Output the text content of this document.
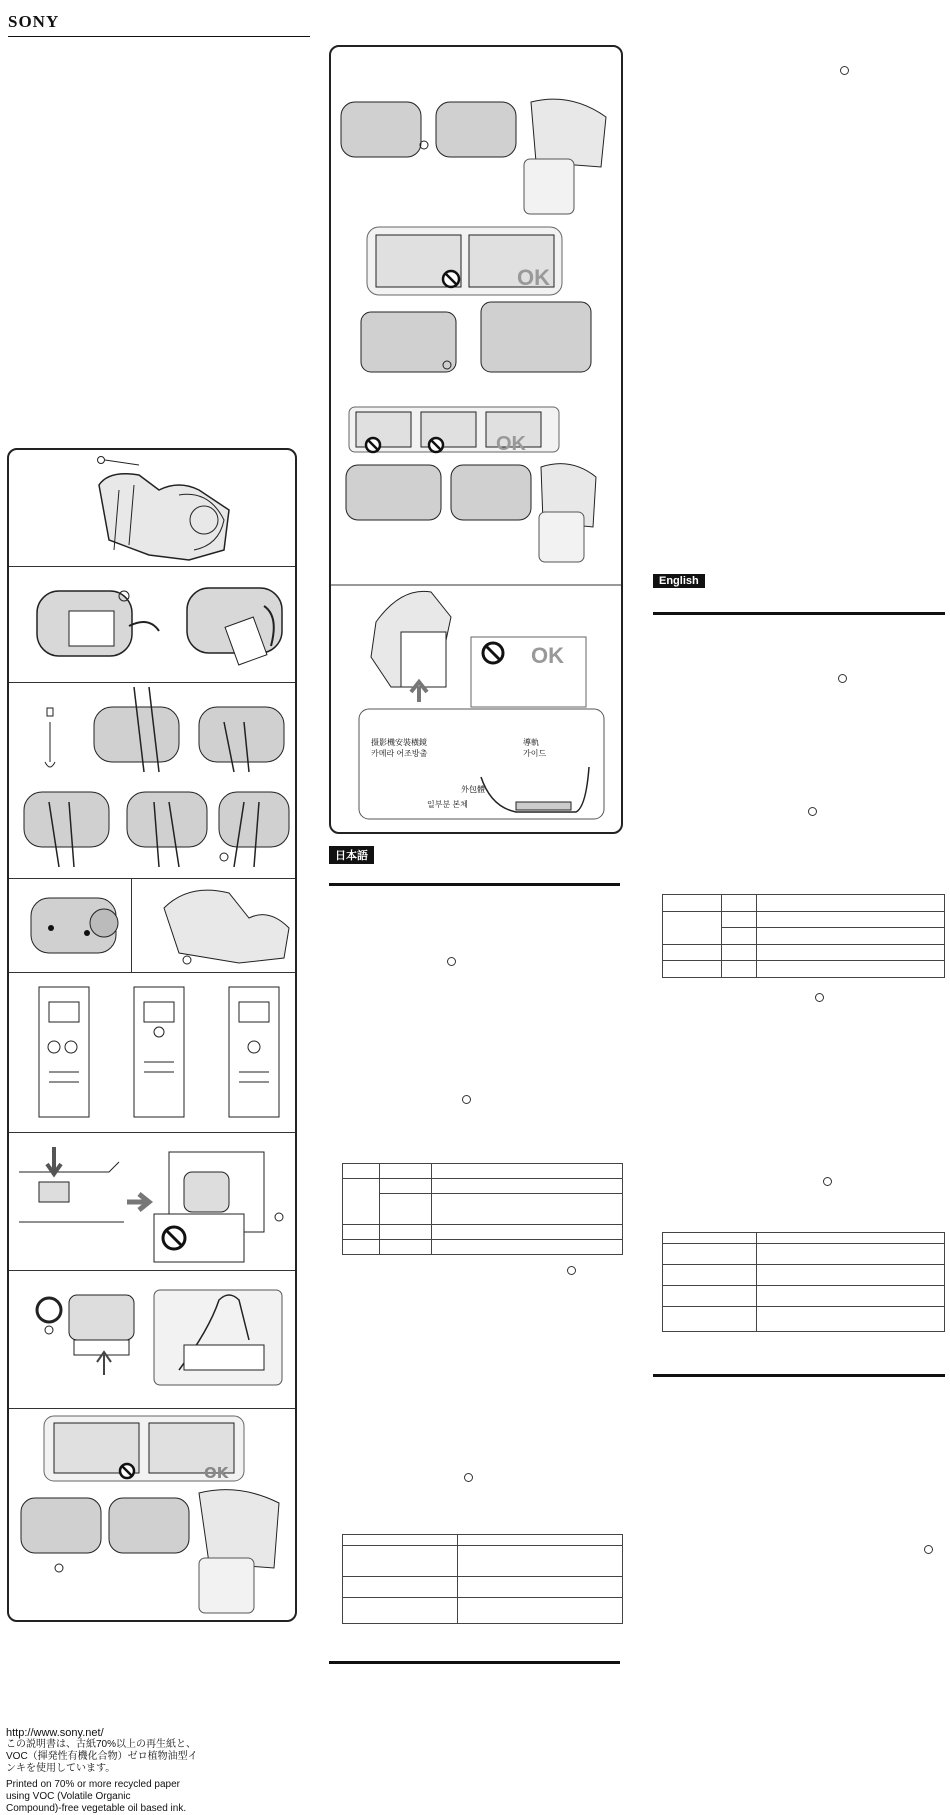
SONY
OK
OK
OK
OK
摄影機安裝橫鏡
카메라 어조방출
導軌
가이드
外包體
일부분 본체
日本語

English

http://www.sony.net/
この説明書は、古紙70%以上の再生紙と、
VOC（揮発性有機化合物）ゼロ植物油型イ
ンキを使用しています。
Printed on 70% or more recycled paper
using VOC (Volatile Organic
Compound)-free vegetable oil based ink.
